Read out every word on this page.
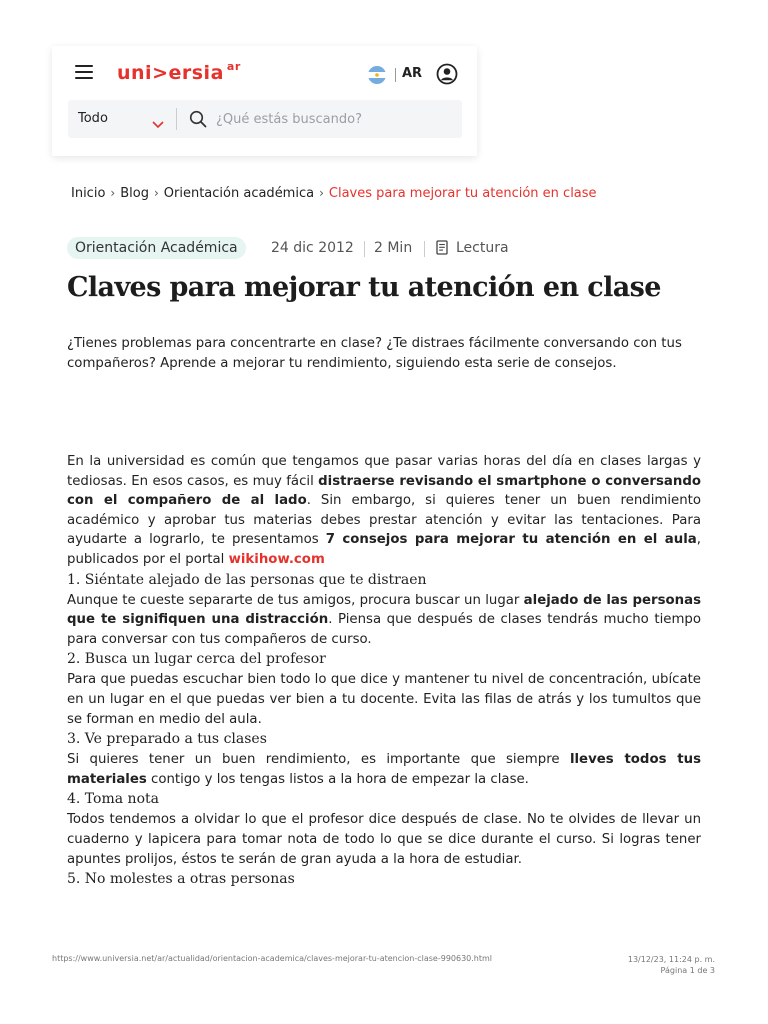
uni>ersia $^{ar}$	AR
Todo
¿Qué estás buscando?
Inicio › Blog › Orientación académica › Claves para mejorar tu atención en clase
Orientación Académica	24 dic 2012 2 Min	Lectura
Claves para mejorar tu atención en clase

¿Tienes problemas para concentrarte en clase? ¿Te distraes fácilmente conversando con tus compañeros? Aprende a mejorar tu rendimiento, siguiendo esta serie de consejos.

En la universidad es común que tengamos que pasar varias horas del día en clases largas y tediosas. En esos casos, es muy fácil distraerse revisando el smartphone o conversando con el compañero de al lado. Sin embargo, si quieres tener un buen rendimiento académico y aprobar tus materias debes prestar atención y evitar las tentaciones. Para ayudarte a lograrlo, te presentamos 7 consejos para mejorar tu atención en el aula, publicados por el portal wikihow.com

1. Siéntate alejado de las personas que te distraen

Aunque te cueste separarte de tus amigos, procura buscar un lugar alejado de las personas que te signifiquen una distracción. Piensa que después de clases tendrás mucho tiempo para conversar con tus compañeros de curso.

2. Busca un lugar cerca del profesor

Para que puedas escuchar bien todo lo que dice y mantener tu nivel de concentración, ubícate en un lugar en el que puedas ver bien a tu docente. Evita las filas de atrás y los tumultos que se forman en medio del aula.

3. Ve preparado a tus clases

Si quieres tener un buen rendimiento, es importante que siempre lleves todos tus materiales contigo y los tengas listos a la hora de empezar la clase.

4. Toma nota

Todos tendemos a olvidar lo que el profesor dice después de clase. No te olvides de llevar un cuaderno y lapicera para tomar nota de todo lo que se dice durante el curso. Si logras tener apuntes prolijos, éstos te serán de gran ayuda a la hora de estudiar.

5. No molestes a otras personas
https://www.universia.net/ar/actualidad/orientacion-academica/claves-mejorar-tu-atencion-clase-990630.html	13/12/23, 11:24 p. m.
Página 1 de 3
